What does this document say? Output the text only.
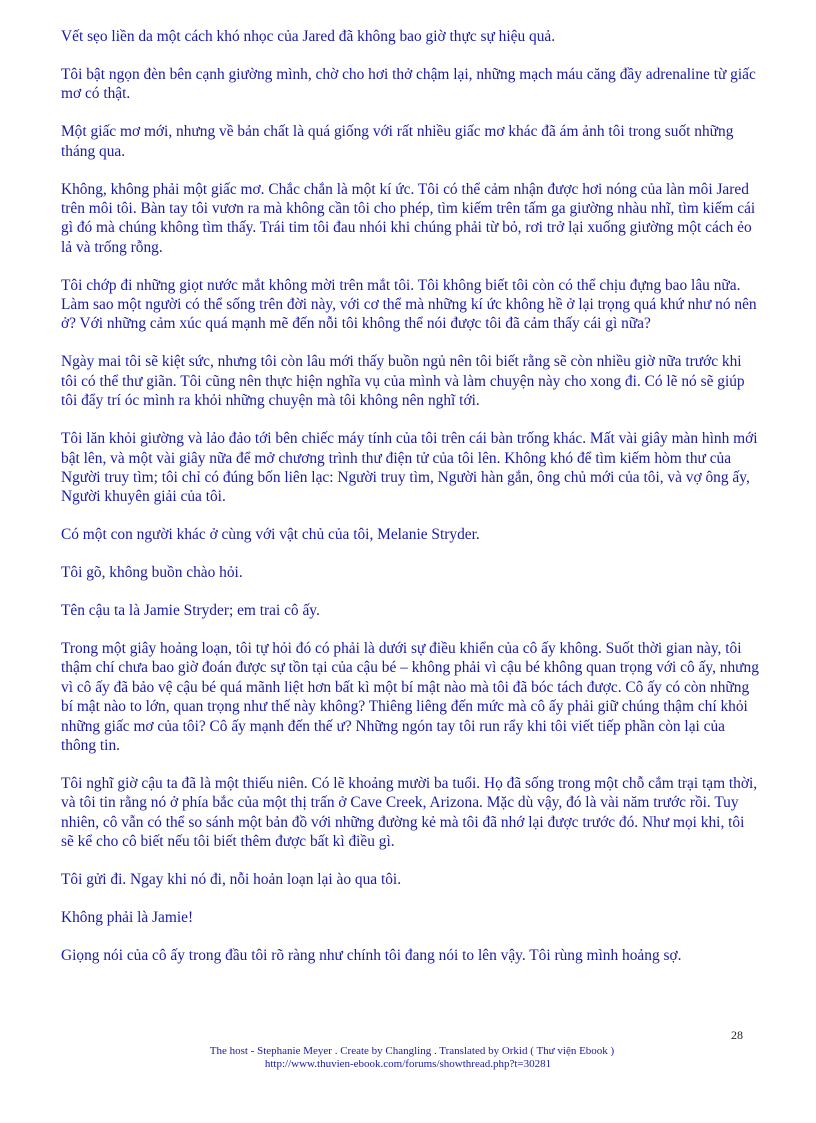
Vết sẹo liền da một cách khó nhọc của Jared đã không bao giờ thực sự hiệu quả.

Tôi bật ngọn đèn bên cạnh giường mình, chờ cho hơi thở chậm lại, những mạch máu căng đầy adrenaline từ giấc mơ có thật.

Một giấc mơ mới, nhưng về bản chất là quá giống với rất nhiều giấc mơ khác đã ám ảnh tôi trong suốt những tháng qua.

Không, không phải một giấc mơ. Chắc chắn là một kí ức. Tôi có thể cảm nhận được hơi nóng của làn môi Jared trên môi tôi. Bàn tay tôi vươn ra mà không cần tôi cho phép, tìm kiếm trên tấm ga giường nhàu nhĩ, tìm kiếm cái gì đó mà chúng không tìm thấy. Trái tim tôi đau nhói khi chúng phải từ bỏ, rơi trở lại xuống giường một cách ẻo lả và trống rỗng.

Tôi chớp đi những giọt nước mắt không mời trên mắt tôi. Tôi không biết tôi còn có thể chịu đựng bao lâu nữa. Làm sao một người có thể sống trên đời này, với cơ thể mà những kí ức không hề ở lại trọng quá khứ như nó nên ở? Với những cảm xúc quá mạnh mẽ đến nỗi tôi không thể nói được tôi đã cảm thấy cái gì nữa?

Ngày mai tôi sẽ kiệt sức, nhưng tôi còn lâu mới thấy buồn ngủ nên tôi biết rằng sẽ còn nhiều giờ nữa trước khi tôi có thể thư giãn. Tôi cũng nên thực hiện nghĩa vụ của mình và làm chuyện này cho xong đi. Có lẽ nó sẽ giúp tôi đẩy trí óc mình ra khỏi những chuyện mà tôi không nên nghĩ tới.

Tôi lăn khỏi giường và lảo đảo tới bên chiếc máy tính của tôi trên cái bàn trống khác. Mất vài giây màn hình mới bật lên, và một vài giây nữa để mở chương trình thư điện tử của tôi lên. Không khó để tìm kiếm hòm thư của Người truy tìm; tôi chỉ có đúng bốn liên lạc: Người truy tìm, Người hàn gắn, ông chủ mới của tôi, và vợ ông ấy, Người khuyên giải của tôi.

Có một con người khác ở cùng với vật chủ của tôi, Melanie Stryder.

Tôi gõ, không buồn chào hỏi.

Tên cậu ta là Jamie Stryder; em trai cô ấy.

Trong một giây hoảng loạn, tôi tự hỏi đó có phải là dưới sự điều khiển của cô ấy không. Suốt thời gian này, tôi thậm chí chưa bao giờ đoán được sự tồn tại của cậu bé – không phải vì cậu bé không quan trọng với cô ấy, nhưng vì cô ấy đã bảo vệ cậu bé quá mãnh liệt hơn bất kì một bí mật nào mà tôi đã bóc tách được. Cô ấy có còn những bí mật nào to lớn, quan trọng như thế này không? Thiêng liêng đến mức mà cô ấy phải giữ chúng thậm chí khỏi những giấc mơ của tôi? Cô ấy mạnh đến thế ư? Những ngón tay tôi run rẩy khi tôi viết tiếp phần còn lại của thông tin.

Tôi nghĩ giờ cậu ta đã là một thiếu niên. Có lẽ khoảng mười ba tuổi. Họ đã sống trong một chỗ cắm trại tạm thời, và tôi tin rằng nó ở phía bắc của một thị trấn ở Cave Creek, Arizona. Mặc dù vậy, đó là vài năm trước rồi. Tuy nhiên, cô vẫn có thể so sánh một bản đồ với những đường kẻ mà tôi đã nhớ lại được trước đó. Như mọi khi, tôi sẽ kể cho cô biết nếu tôi biết thêm được bất kì điều gì.

Tôi gửi đi. Ngay khi nó đi, nỗi hoản loạn lại ào qua tôi.

Không phải là Jamie!

Giọng nói của cô ấy trong đầu tôi rõ ràng như chính tôi đang nói to lên vậy. Tôi rùng mình hoảng sợ.

28
The host - Stephanie Meyer . Create by Changling . Translated by Orkid ( Thư viện Ebook )
http://www.thuvien-ebook.com/forums/showthread.php?t=30281
